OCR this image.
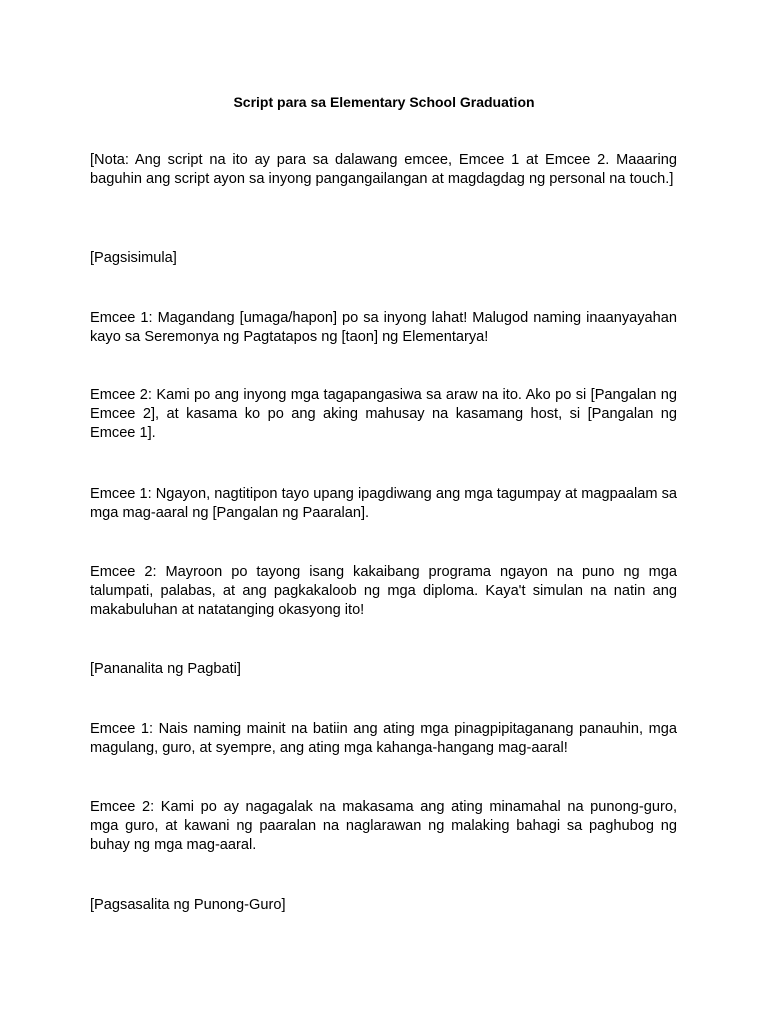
Script para sa Elementary School Graduation

[Nota: Ang script na ito ay para sa dalawang emcee, Emcee 1 at Emcee 2. Maaaring baguhin ang script ayon sa inyong pangangailangan at magdagdag ng personal na touch.]

[Pagsisimula]

Emcee 1: Magandang [umaga/hapon] po sa inyong lahat! Malugod naming inaanyayahan kayo sa Seremonya ng Pagtatapos ng [taon] ng Elementarya!

Emcee 2: Kami po ang inyong mga tagapangasiwa sa araw na ito. Ako po si [Pangalan ng Emcee 2], at kasama ko po ang aking mahusay na kasamang host, si [Pangalan ng Emcee 1].

Emcee 1: Ngayon, nagtitipon tayo upang ipagdiwang ang mga tagumpay at magpaalam sa mga mag-aaral ng [Pangalan ng Paaralan].

Emcee 2: Mayroon po tayong isang kakaibang programa ngayon na puno ng mga talumpati, palabas, at ang pagkakaloob ng mga diploma. Kaya't simulan na natin ang makabuluhan at natatanging okasyong ito!

[Pananalita ng Pagbati]

Emcee 1: Nais naming mainit na batiin ang ating mga pinagpipitaganang panauhin, mga magulang, guro, at syempre, ang ating mga kahanga-hangang mag-aaral!

Emcee 2: Kami po ay nagagalak na makasama ang ating minamahal na punong-guro, mga guro, at kawani ng paaralan na naglarawan ng malaking bahagi sa paghubog ng buhay ng mga mag-aaral.

[Pagsasalita ng Punong-Guro]
